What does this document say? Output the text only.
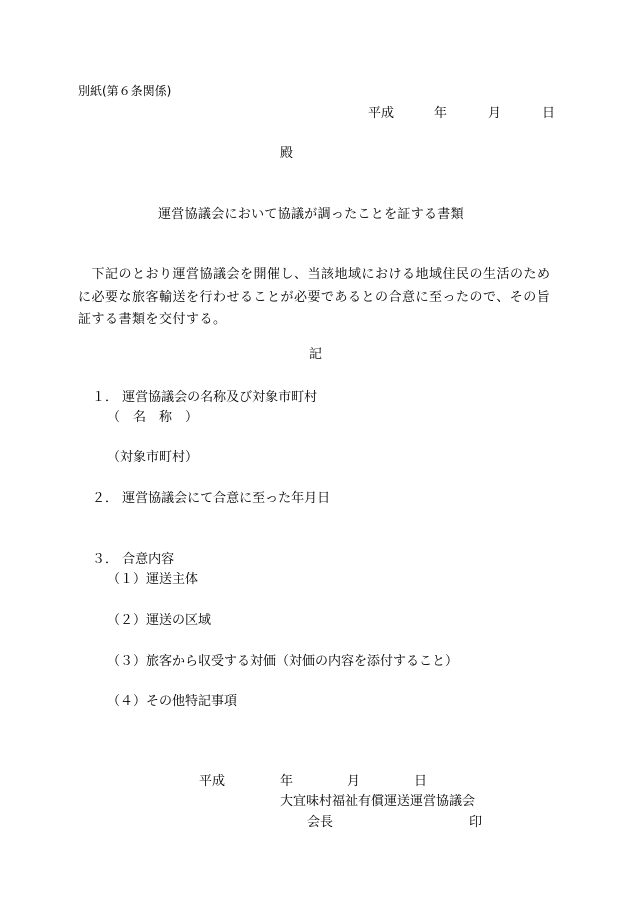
別紙(第６条関係)
平成	年	月	日
殿
運営協議会において協議が調ったことを証する書類
　下記のとおり運営協議会を開催し、当該地域における地域住民の生活のため
に必要な旅客輸送を行わせることが必要であるとの合意に至ったので、その旨
証する書類を交付する。
記
１． 運営協議会の名称及び対象市町村
（　名　称　）
（対象市町村）
２． 運営協議会にて合意に至った年月日
３． 合意内容
（１）運送主体
（２）運送の区域
（３）旅客から収受する対価（対価の内容を添付すること）
（４）その他特記事項
平成	年	月	日
大宜味村福祉有償運送運営協議会
会長	印
